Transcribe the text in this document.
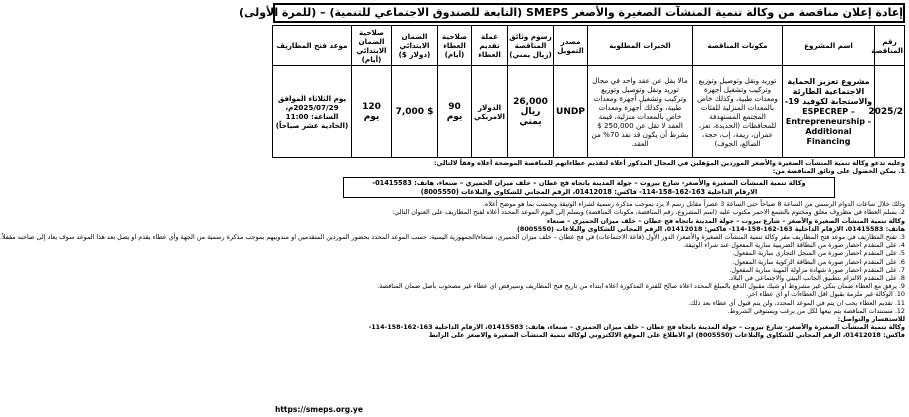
إعادة إعلان مناقصة من وكالة تنمية المنشآت الصغيرة والأصغر SMEPS (التابعة للصندوق الاجتماعي للتنمية) – (للمرة الأولى)
رقم المناقصة	اسم المشروع	مكونات المناقصة	الخبرات المطلوبة	مصدر التمويل	رسوم وثائق المناقصة (ريال يمني)	عملة تقديم العطاء	صلاحية العطاء (أيام)	الضمان الابتدائي (دولار $)	صلاحية الضمان الابتدائي (أيام)	موعد فتح المظاريف
2025/2	مشروع تعزيز الحماية الاجتماعية الطارئة والاستجابة لكوفيد 19- ESPECREP – Entrepreneurship - Additional Financing	توريد ونقل وتوصيل وتوزيع وتركيب وتشغيل أجهزة ومعدات طبية، وكذلك خاص بالمعدات المنزلية للفئات المجتمع المستهدفة للمحافظات (الحديدة، تعز، عمران، ريمة، إب، حجة، الضالع، الجوف)	مالا يقل عن عقد واحد في مجال توريد ونقل وتوصيل وتوزيع وتركيب وتشغيل أجهزة ومعدات طبية، وكذلك أجهزة ومعدات خاص بالمعدات منزلية، قيمة العقد لا تقل عن 250,000 $ بشرط أن يكون قد نفذ 70% من العقد.	UNDP	26,000 ريال يمني	الدولار الامريكي	90 يوم	$ 7,000	120 يوم	يوم الثلاثاء الموافق 2025/07/29م، الساعة: 11:00 (الحادية عشر صباحاً)

وعليه تدعو وكالة تنمية المنشآت الصغيرة والأصغر الموردين المؤهلين في المجال المذكور أعلاه لتقديم عطاءاتهم للمناقصة الموضحة أعلاه وفقاً لالتالي:

1. يمكن الحصول على وثائق المناقصة من:

وكالة تنمية المنشآت الصغيرة والأصغر- شارع بيروت – جولة المدينة باتجاه فج عطان – خلف ميزان الحميري – صنعاء، هاتف: 01415583-

الارقام الداخلية 163-162-158-114- فاكس: 01412018، الرقم المجاني للشكاوى والبلاغات (8005550)

وذلك خلال ساعات الدوام الرسمي من الساعة 8 صباحاً حتى الساعة 3 عصراً مقابل رسم لا يرد بموجب مذكرة رسمية لشراء الوثيقة ويحسب بما هو موضح أعلاه.

2. يسلم العطاء في مظروف مغلق ومختوم بالشمع الاحمر مكتوب عليه (اسم المشروع، رقم المناقصة، مكونات المناقصة) ويسلم إلى اليوم الموعد المحدد أعلاه لفتح المظاريف على العنوان التالي:

وكالة تنمية المنشآت الصغيرة والأصغر – شارع بيروت – جولة المدينة باتجاه فج عطان – خلف ميزان الحميري – صنعاء

هاتف: 01415583، الارقام الداخلية 163-162-158-114- فاكس: 01412018، الرقم المجاني للشكاوى والبلاغات (8005550)

3. تفتح المظاريف في موعد فتح المظاريف مقر وكالة تنمية المنشآت الصغيرة والأصغر/ الدور الأول (قاعة الاجتماعات) في فج عطان – خلف ميزان الحميري، صنعاء/الجمهورية اليمنية، حسب الموعد المحدد بحضور الموردين المتقدمين او مندوبيهم بموجب مذكرة رسمية من الجهة وأي عطاء يقدم او يصل بعد هذا الموعد سوف يعاد إلى صاحبه مقفلاً.

4. على المتقدم احضار صورة من البطاقة الضريبية سارية المفعول عند شراء الوثيقة.

5. على المتقدم احضار صورة من السجل التجاري سارية المفعول.

6. على المتقدم احضار صورة من البطاقة الزكوية سارية المفعول.

7. على المتقدم احضار صورة شهادة مزاولة المهنة سارية المفعول.

8. على المتقدم الالتزام بتطبيق الجانب البيئي والاجتماعي في البلاد.

9. يرفق مع العطاء ضمان بنكي غير مشروط او شيك مقبول الدفع بالمبلغ المحدد اعلاه صالح للفترة المذكورة اعلاه ابتداء من تاريخ فتح المظاريف وسيرفض اي عطاء غير مصحوب بأصل ضمان المناقصة.

10. الوكالة غير ملزمة بقبول اقل العطاءات او اي عطاء اخر.

11. تقديم العطاء يجب ان يتم في الموعد المحدد، ولن يتم قبول أي عطاء بعد ذلك.

12. مستندات المناقصة يتم بيعها لكل من يرغب ويستوفي الشروط.

للاستفسار والتواصل:

وكالة تنمية المنشآت الصغيرة والأصغر- شارع بيروت – جولة المدينة باتجاه فج عطان – خلف ميزان الحميري – صنعاء، هاتف: 01415583، الارقام الداخلية 163-162-158-114-

فاكس: 01412018، الرقم المجاني للشكاوى والبلاغات (8005550) او الاطلاع على الموقع الالكتروني لوكالة تنمية المنشآت الصغيرة والاصغر على الرابط

https://smeps.org.ye
